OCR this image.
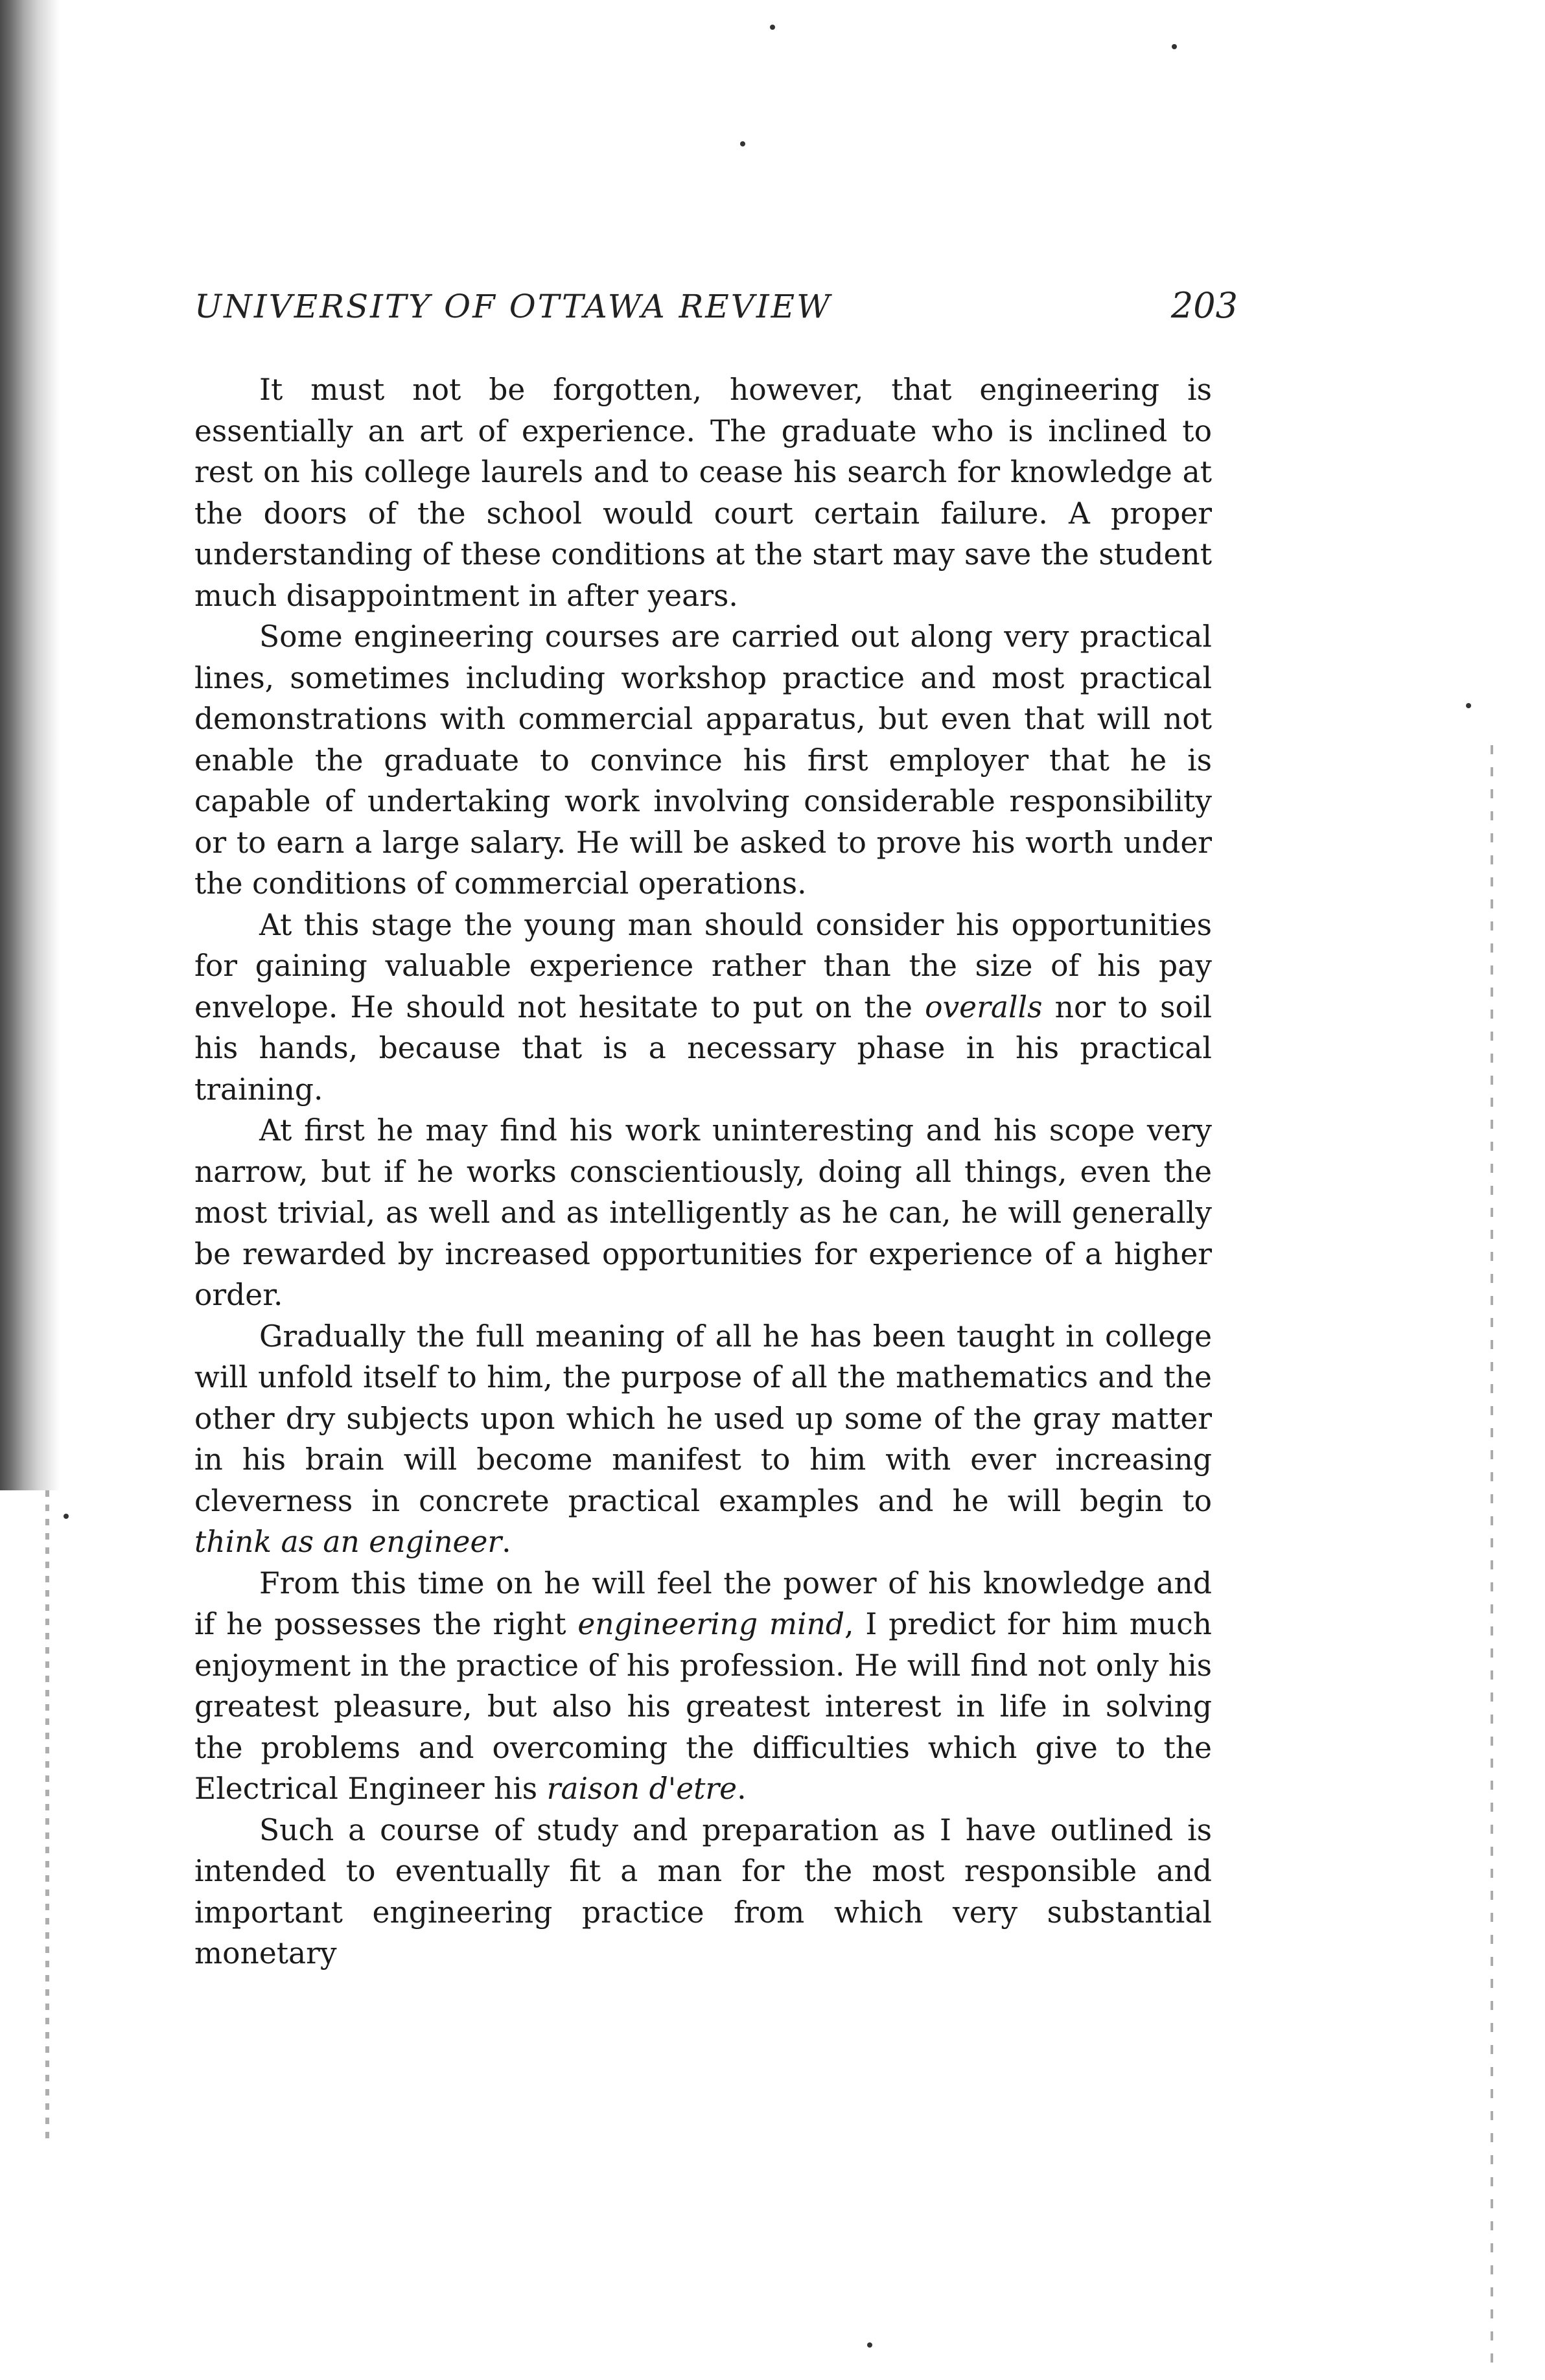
UNIVERSITY OF OTTAWA REVIEW	203

It must not be forgotten, however, that engineering is essentially an art of experience. The graduate who is inclined to rest on his college laurels and to cease his search for knowledge at the doors of the school would court certain failure. A proper understanding of these conditions at the start may save the student much disappointment in after years.

Some engineering courses are carried out along very practical lines, sometimes including workshop practice and most practical demonstrations with commercial apparatus, but even that will not enable the graduate to convince his first employer that he is capable of undertaking work involving considerable responsibility or to earn a large salary. He will be asked to prove his worth under the conditions of commercial operations.

At this stage the young man should consider his opportunities for gaining valuable experience rather than the size of his pay envelope. He should not hesitate to put on the overalls nor to soil his hands, because that is a necessary phase in his practical training.

At first he may find his work uninteresting and his scope very narrow, but if he works conscientiously, doing all things, even the most trivial, as well and as intelligently as he can, he will generally be rewarded by increased opportunities for experience of a higher order.

Gradually the full meaning of all he has been taught in college will unfold itself to him, the purpose of all the mathematics and the other dry subjects upon which he used up some of the gray matter in his brain will become manifest to him with ever increasing cleverness in concrete practical examples and he will begin to think as an engineer.

From this time on he will feel the power of his knowledge and if he possesses the right engineering mind, I predict for him much enjoyment in the practice of his profession. He will find not only his greatest pleasure, but also his greatest interest in life in solving the problems and overcoming the difficulties which give to the Electrical Engineer his raison d'etre.

Such a course of study and preparation as I have outlined is intended to eventually fit a man for the most responsible and important engineering practice from which very substantial monetary
